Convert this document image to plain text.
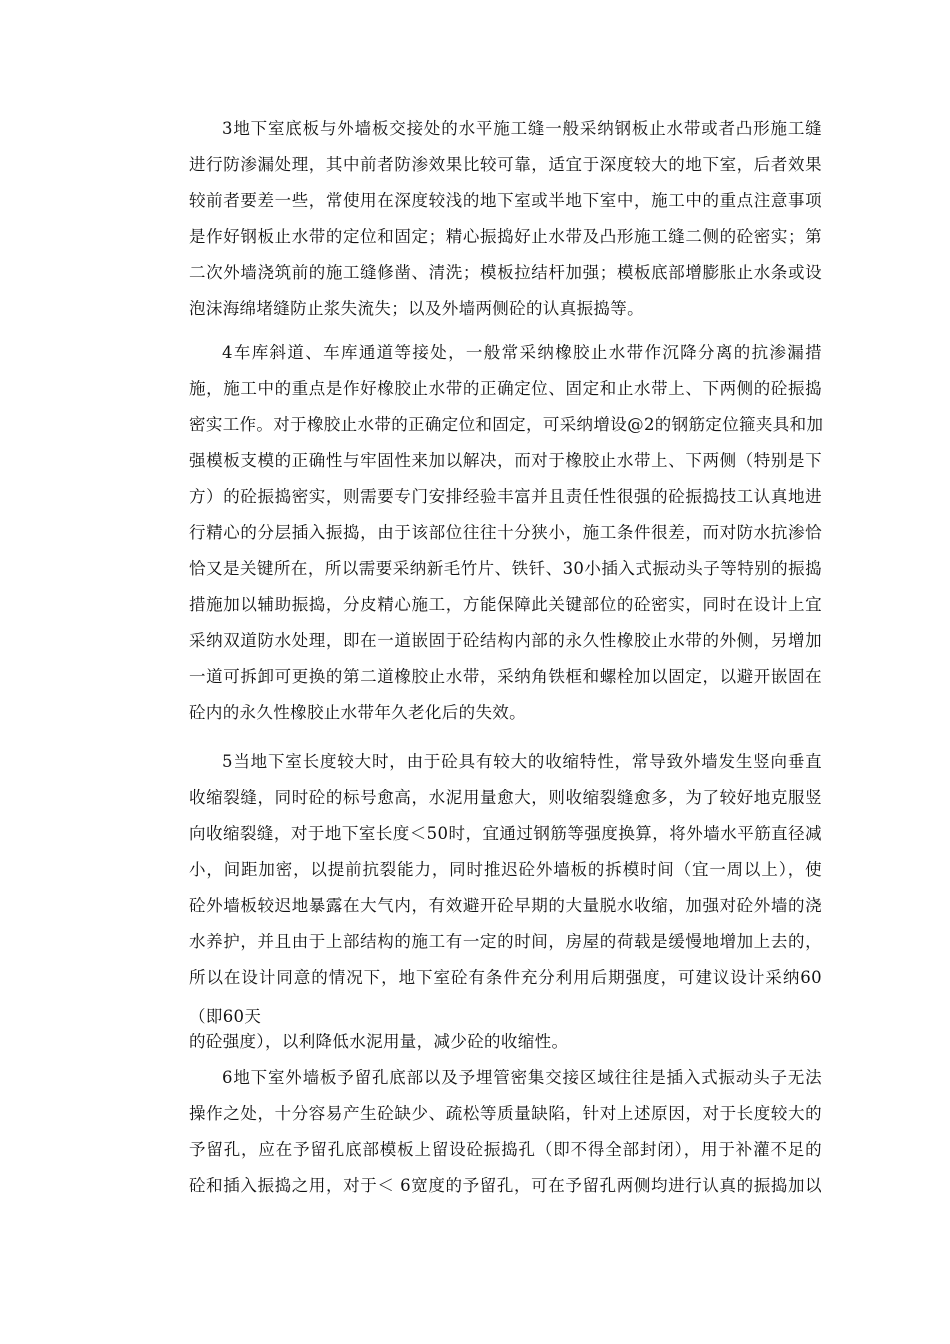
3地下室底板与外墙板交接处的水平施工缝一般采纳钢板止水带或者凸形施工缝
进行防渗漏处理，其中前者防渗效果比较可靠，适宜于深度较大的地下室，后者效果
较前者要差一些，常使用在深度较浅的地下室或半地下室中，施工中的重点注意事项
是作好钢板止水带的定位和固定；精心振捣好止水带及凸形施工缝二侧的砼密实；第
二次外墙浇筑前的施工缝修凿、清洗；模板拉结杆加强；模板底部增膨胀止水条或设
泡沫海绵堵缝防止浆失流失；以及外墙两侧砼的认真振捣等。
4车库斜道、车库通道等接处，一般常采纳橡胶止水带作沉降分离的抗渗漏措
施，施工中的重点是作好橡胶止水带的正确定位、固定和止水带上、下两侧的砼振捣
密实工作。对于橡胶止水带的正确定位和固定，可采纳增设@2的钢筋定位箍夹具和加
强模板支模的正确性与牢固性来加以解决，而对于橡胶止水带上、下两侧（特别是下
方）的砼振捣密实，则需要专门安排经验丰富并且责任性很强的砼振捣技工认真地进
行精心的分层插入振捣，由于该部位往往十分狭小，施工条件很差，而对防水抗渗恰
恰又是关键所在，所以需要采纳新毛竹片、铁钎、30小插入式振动头子等特别的振捣
措施加以辅助振捣，分皮精心施工，方能保障此关键部位的砼密实，同时在设计上宜
采纳双道防水处理，即在一道嵌固于砼结构内部的永久性橡胶止水带的外侧，另增加
一道可拆卸可更换的第二道橡胶止水带，采纳角铁框和螺栓加以固定，以避开嵌固在
砼内的永久性橡胶止水带年久老化后的失效。
5当地下室长度较大时，由于砼具有较大的收缩特性，常导致外墙发生竖向垂直
收缩裂缝，同时砼的标号愈高，水泥用量愈大，则收缩裂缝愈多，为了较好地克服竖
向收缩裂缝，对于地下室长度＜50时，宜通过钢筋等强度换算，将外墙水平筋直径减
小，间距加密，以提前抗裂能力，同时推迟砼外墙板的拆模时间（宜一周以上），使
砼外墙板较迟地暴露在大气内，有效避开砼早期的大量脱水收缩，加强对砼外墙的浇
水养护，并且由于上部结构的施工有一定的时间，房屋的荷载是缓慢地增加上去的，
所以在设计同意的情况下，地下室砼有条件充分利用后期强度，可建议设计采纳60
（即60天
的砼强度），以利降低水泥用量，减少砼的收缩性。
6地下室外墙板予留孔底部以及予埋管密集交接区域往往是插入式振动头子无法
操作之处，十分容易产生砼缺少、疏松等质量缺陷，针对上述原因，对于长度较大的
予留孔，应在予留孔底部模板上留设砼振捣孔（即不得全部封闭），用于补灌不足的
砼和插入振捣之用，对于＜ 6宽度的予留孔，可在予留孔两侧均进行认真的振捣加以
